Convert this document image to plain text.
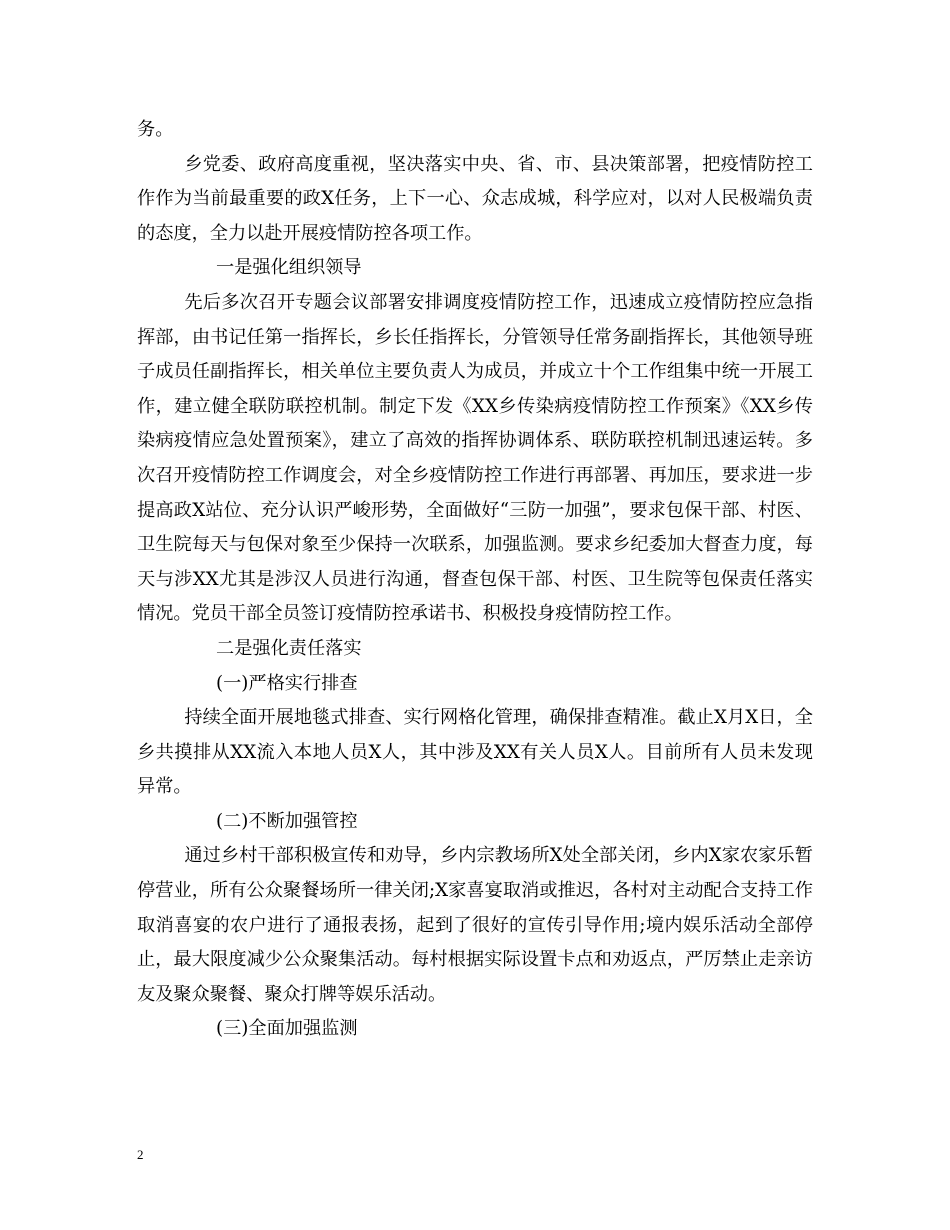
务。

乡党委、政府高度重视，坚决落实中央、省、市、县决策部署，把疫情防控工作作为当前最重要的政X任务，上下一心、众志成城，科学应对，以对人民极端负责的态度，全力以赴开展疫情防控各项工作。

一是强化组织领导

先后多次召开专题会议部署安排调度疫情防控工作，迅速成立疫情防控应急指挥部，由书记任第一指挥长，乡长任指挥长，分管领导任常务副指挥长，其他领导班子成员任副指挥长，相关单位主要负责人为成员，并成立十个工作组集中统一开展工作，建立健全联防联控机制。制定下发《XX乡传染病疫情防控工作预案》《XX乡传染病疫情应急处置预案》，建立了高效的指挥协调体系、联防联控机制迅速运转。多次召开疫情防控工作调度会，对全乡疫情防控工作进行再部署、再加压，要求进一步提高政X站位、充分认识严峻形势，全面做好“三防一加强”，要求包保干部、村医、卫生院每天与包保对象至少保持一次联系，加强监测。要求乡纪委加大督查力度，每天与涉XX尤其是涉汉人员进行沟通，督查包保干部、村医、卫生院等包保责任落实情况。党员干部全员签订疫情防控承诺书、积极投身疫情防控工作。

二是强化责任落实

(一)严格实行排查

持续全面开展地毯式排查、实行网格化管理，确保排查精准。截止X月X日，全乡共摸排从XX流入本地人员X人，其中涉及XX有关人员X人。目前所有人员未发现异常。

(二)不断加强管控

通过乡村干部积极宣传和劝导，乡内宗教场所X处全部关闭，乡内X家农家乐暂停营业，所有公众聚餐场所一律关闭;X家喜宴取消或推迟，各村对主动配合支持工作取消喜宴的农户进行了通报表扬，起到了很好的宣传引导作用;境内娱乐活动全部停止，最大限度减少公众聚集活动。每村根据实际设置卡点和劝返点，严厉禁止走亲访友及聚众聚餐、聚众打牌等娱乐活动。

(三)全面加强监测

2
